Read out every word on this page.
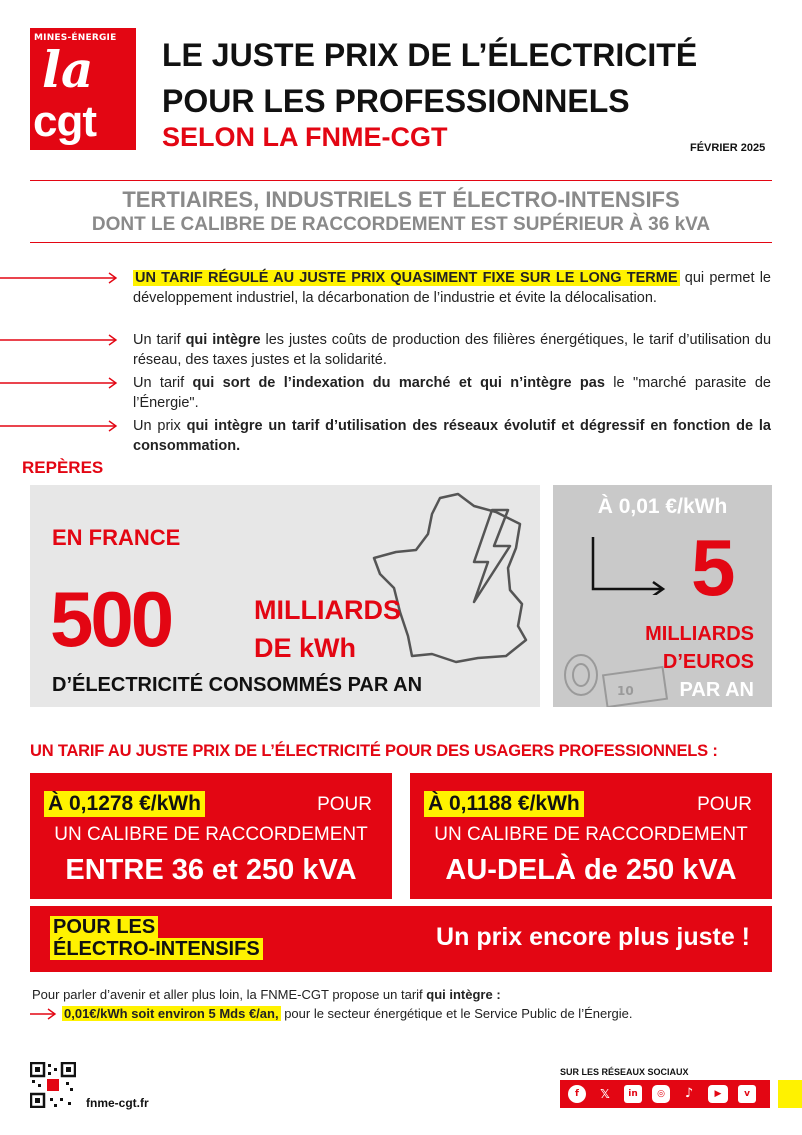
MINES-ÉNERGIE
la
cgt
LE JUSTE PRIX DE L’ÉLECTRICITÉ
POUR LES PROFESSIONNELS
SELON LA FNME-CGT	FÉVRIER 2025
TERTIAIRES, INDUSTRIELS ET ÉLECTRO-INTENSIFS
DONT LE CALIBRE DE RACCORDEMENT EST SUPÉRIEUR À 36 kVA
UN TARIF RÉGULÉ AU JUSTE PRIX QUASIMENT FIXE SUR LE LONG TERME qui permet le développement industriel, la décarbonation de l’industrie et évite la délocalisation.
Un tarif qui intègre les justes coûts de production des filières énergétiques, le tarif d’utilisation du réseau, des taxes justes et la solidarité.
Un tarif qui sort de l’indexation du marché et qui n’intègre pas le "marché parasite de l’Énergie".
Un prix qui intègre un tarif d’utilisation des réseaux évolutif et dégressif en fonction de la consommation.
REPÈRES
EN FRANCE
500	MILLIARDS
DE kWh
D’ÉLECTRICITÉ CONSOMMÉS PAR AN
À 0,01 €/kWh
5
10
MILLIARDS
D’EUROS
PAR AN
UN TARIF AU JUSTE PRIX DE L’ÉLECTRICITÉ POUR DES USAGERS PROFESSIONNELS :
À 0,1278 €/kWh	POUR
UN CALIBRE DE RACCORDEMENT
ENTRE 36 et 250 kVA
À 0,1188 €/kWh	POUR
UN CALIBRE DE RACCORDEMENT
AU-DELÀ de 250 kVA
POUR LES
ÉLECTRO-INTENSIFS	Un prix encore plus juste !
Pour parler d’avenir et aller plus loin, la FNME-CGT propose un tarif qui intègre :
0,01€/kWh soit environ 5 Mds €/an, pour le secteur énergétique et le Service Public de l’Énergie.
fnme-cgt.fr
SUR LES RÉSEAUX SOCIAUX
f	𝕏	in	◎	♪	▶	v
